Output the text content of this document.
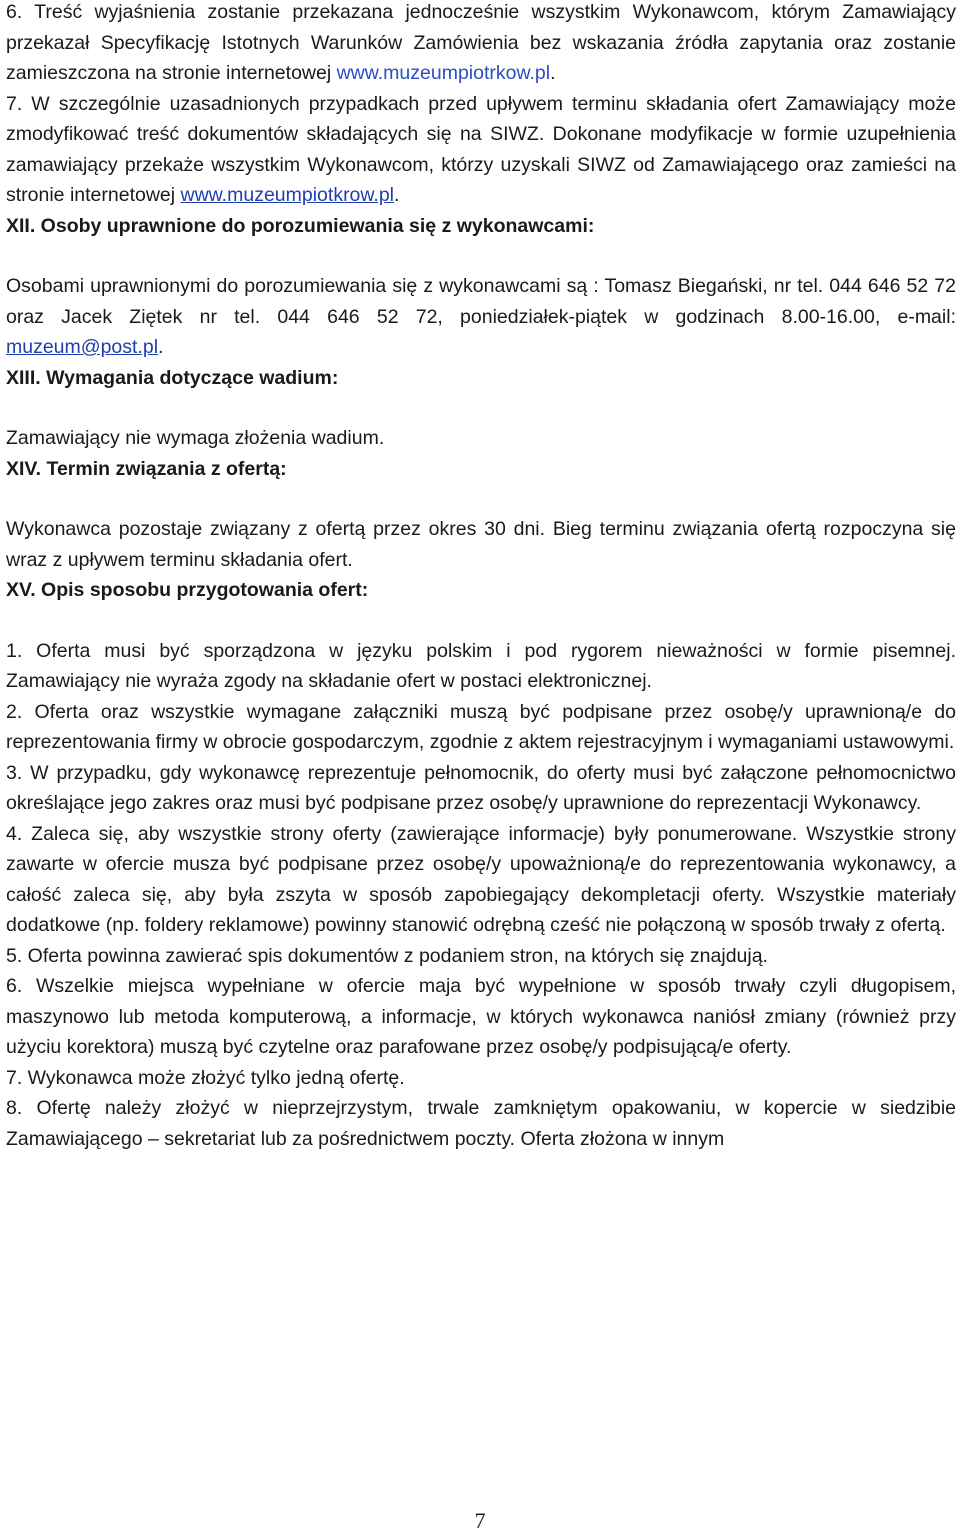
6. Treść wyjaśnienia zostanie przekazana jednocześnie wszystkim Wykonawcom, którym Zamawiający przekazał Specyfikację Istotnych Warunków Zamówienia bez wskazania źródła zapytania oraz zostanie zamieszczona na stronie internetowej www.muzeumpiotrkow.pl.

7. W szczególnie uzasadnionych przypadkach przed upływem terminu składania ofert Zamawiający może zmodyfikować treść dokumentów składających się na SIWZ. Dokonane modyfikacje w formie uzupełnienia zamawiający przekaże wszystkim Wykonawcom, którzy uzyskali SIWZ od Zamawiającego oraz zamieści na stronie internetowej www.muzeumpiotkrow.pl.

XII. Osoby uprawnione do porozumiewania się z wykonawcami:

Osobami uprawnionymi do porozumiewania się z wykonawcami są : Tomasz Biegański, nr tel. 044 646 52 72 oraz Jacek Ziętek nr tel. 044 646 52 72, poniedziałek-piątek w godzinach 8.00-16.00, e-mail: muzeum@post.pl.

XIII. Wymagania dotyczące wadium:

Zamawiający nie wymaga złożenia wadium.

XIV. Termin związania z ofertą:

Wykonawca pozostaje związany z ofertą przez okres 30 dni. Bieg terminu związania ofertą rozpoczyna się wraz z upływem terminu składania ofert.

XV. Opis sposobu przygotowania ofert:

1. Oferta musi być sporządzona w języku polskim i pod rygorem nieważności w formie pisemnej. Zamawiający nie wyraża zgody na składanie ofert w postaci elektronicznej.

2. Oferta oraz wszystkie wymagane załączniki muszą być podpisane przez osobę/y uprawnioną/e do reprezentowania firmy w obrocie gospodarczym, zgodnie z aktem rejestracyjnym i wymaganiami ustawowymi.

3. W przypadku, gdy wykonawcę reprezentuje pełnomocnik, do oferty musi być załączone pełnomocnictwo określające jego zakres oraz musi być podpisane przez osobę/y uprawnione do reprezentacji Wykonawcy.

4. Zaleca się, aby wszystkie strony oferty (zawierające informacje) były ponumerowane. Wszystkie strony zawarte w ofercie musza być podpisane przez osobę/y upoważnioną/e do reprezentowania wykonawcy, a całość zaleca się, aby była zszyta w sposób zapobiegający dekompletacji oferty. Wszystkie materiały dodatkowe (np. foldery reklamowe) powinny stanowić odrębną cześć nie połączoną w sposób trwały z ofertą.

5. Oferta powinna zawierać spis dokumentów z podaniem stron, na których się znajdują.

6. Wszelkie miejsca wypełniane w ofercie maja być wypełnione w sposób trwały czyli długopisem, maszynowo lub metoda komputerową, a informacje, w których wykonawca naniósł zmiany (również przy użyciu korektora) muszą być czytelne oraz parafowane przez osobę/y podpisującą/e oferty.

7. Wykonawca może złożyć tylko jedną ofertę.

8. Ofertę należy złożyć w nieprzejrzystym, trwale zamkniętym opakowaniu, w kopercie w siedzibie Zamawiającego – sekretariat lub za pośrednictwem poczty. Oferta złożona w innym

7
